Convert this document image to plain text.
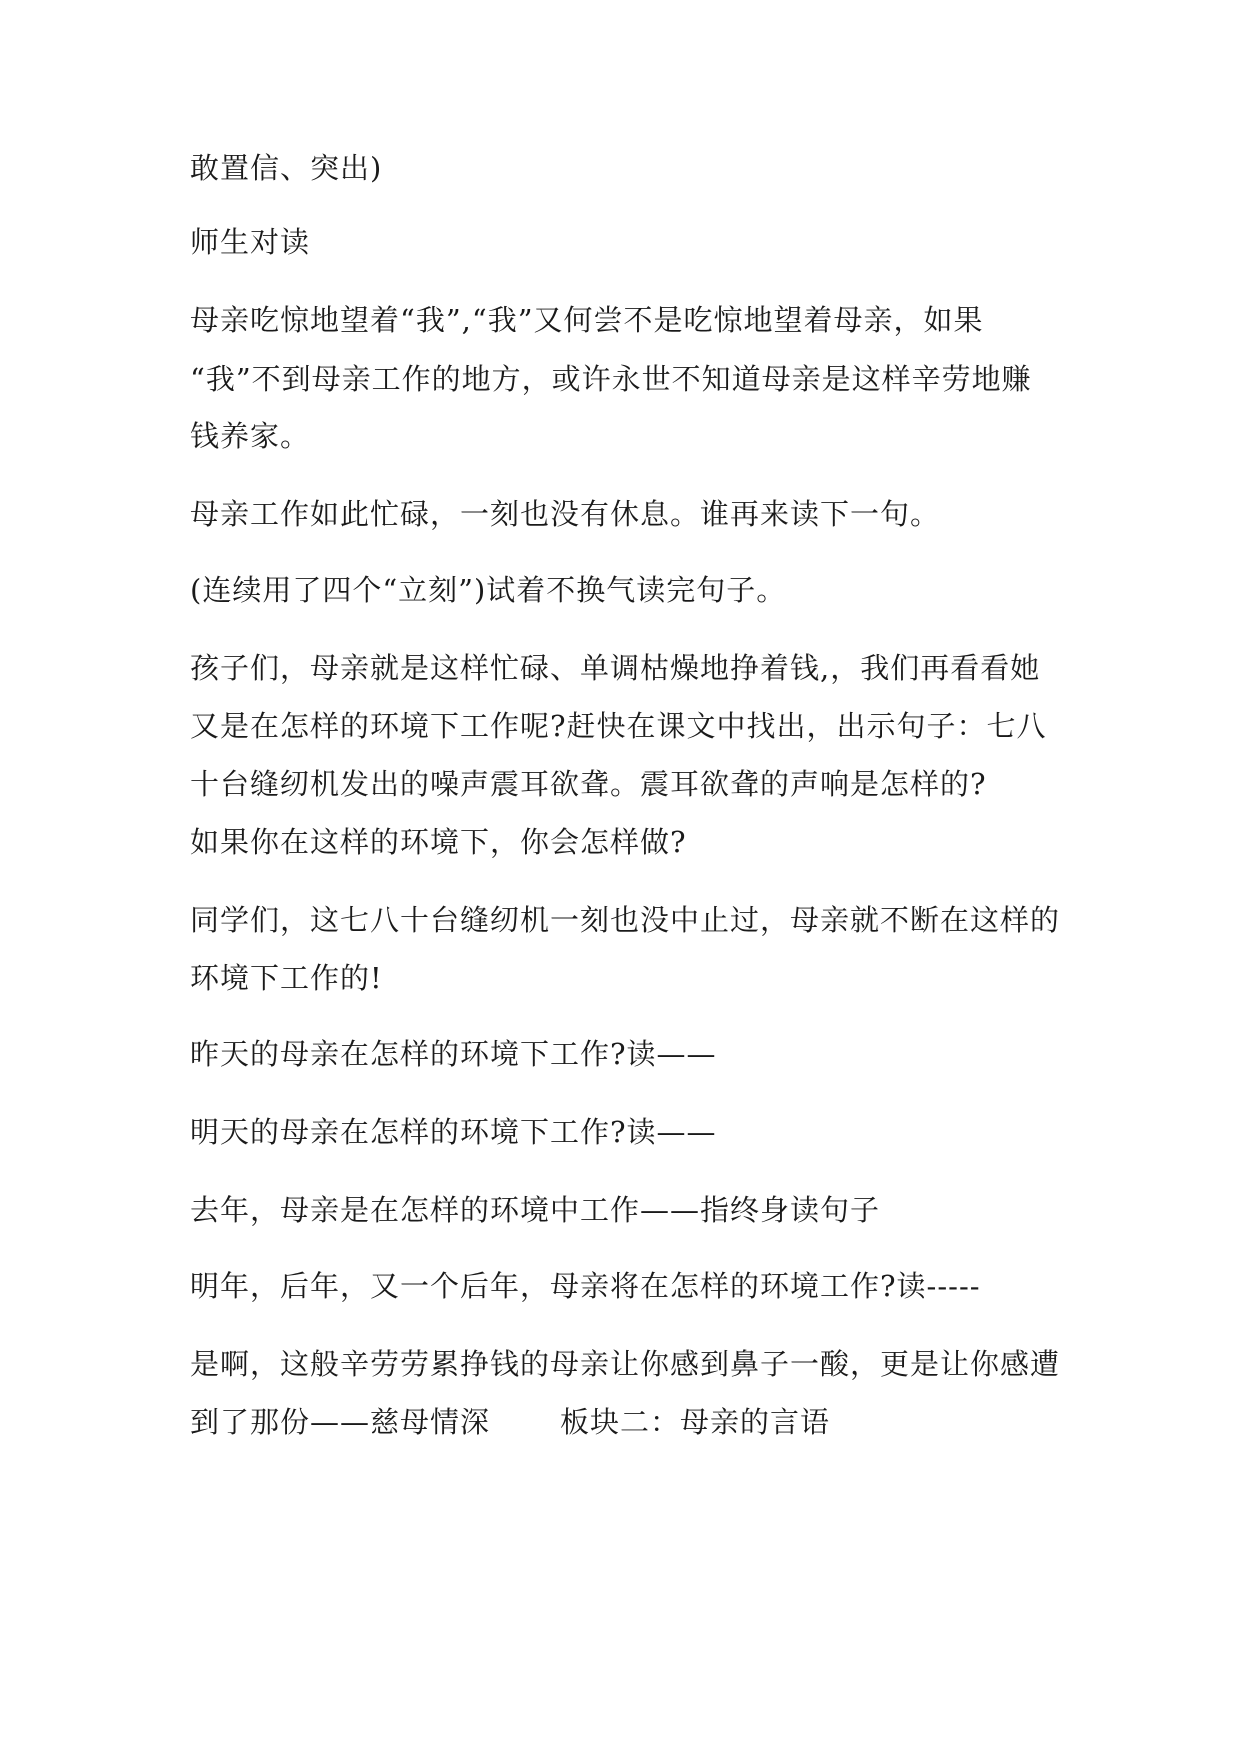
敢置信、突出)
师生对读
母亲吃惊地望着“我”,“我”又何尝不是吃惊地望着母亲，如果
“我”不到母亲工作的地方，或许永世不知道母亲是这样辛劳地赚
钱养家。
母亲工作如此忙碌，一刻也没有休息。谁再来读下一句。
(连续用了四个“立刻”)试着不换气读完句子。
孩子们，母亲就是这样忙碌、单调枯燥地挣着钱,，我们再看看她
又是在怎样的环境下工作呢?赶快在课文中找出，出示句子：七八
十台缝纫机发出的噪声震耳欲聋。震耳欲聋的声响是怎样的?
如果你在这样的环境下，你会怎样做?
同学们，这七八十台缝纫机一刻也没中止过，母亲就不断在这样的
环境下工作的!
昨天的母亲在怎样的环境下工作?读——
明天的母亲在怎样的环境下工作?读——
去年，母亲是在怎样的环境中工作——指终身读句子
明年，后年，又一个后年，母亲将在怎样的环境工作?读-----
是啊，这般辛劳劳累挣钱的母亲让你感到鼻子一酸，更是让你感遭
到了那份——慈母情深 板块二：母亲的言语
